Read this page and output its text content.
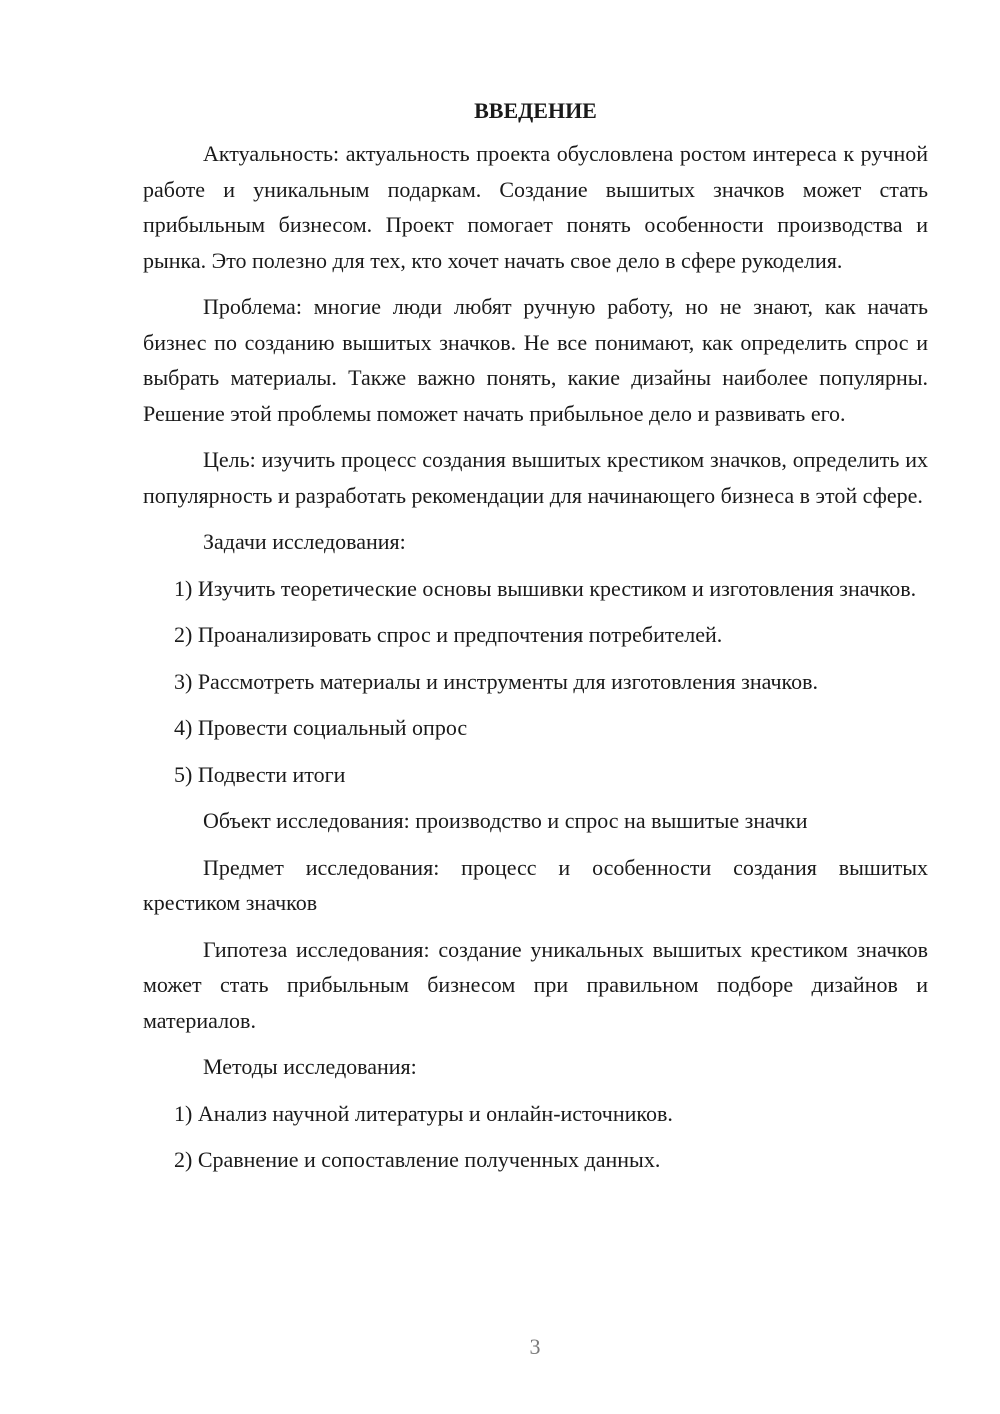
ВВЕДЕНИЕ

Актуальность: актуальность проекта обусловлена ростом интереса к ручной работе и уникальным подаркам. Создание вышитых значков может стать прибыльным бизнесом. Проект помогает понять особенности производства и рынка. Это полезно для тех, кто хочет начать свое дело в сфере рукоделия.

Проблема: многие люди любят ручную работу, но не знают, как начать бизнес по созданию вышитых значков. Не все понимают, как определить спрос и выбрать материалы. Также важно понять, какие дизайны наиболее популярны. Решение этой проблемы поможет начать прибыльное дело и развивать его.

Цель: изучить процесс создания вышитых крестиком значков, определить их популярность и разработать рекомендации для начинающего бизнеса в этой сфере.

Задачи исследования:

1) Изучить теоретические основы вышивки крестиком и изготовления значков.

2) Проанализировать спрос и предпочтения потребителей.

3) Рассмотреть материалы и инструменты для изготовления значков.

4) Провести социальный опрос

5) Подвести итоги

Объект исследования: производство и спрос на вышитые значки

Предмет исследования: процесс и особенности создания вышитых крестиком значков

Гипотеза исследования: создание уникальных вышитых крестиком значков может стать прибыльным бизнесом при правильном подборе дизайнов и материалов.

Методы исследования:

1) Анализ научной литературы и онлайн-источников.

2) Сравнение и сопоставление полученных данных.

3
